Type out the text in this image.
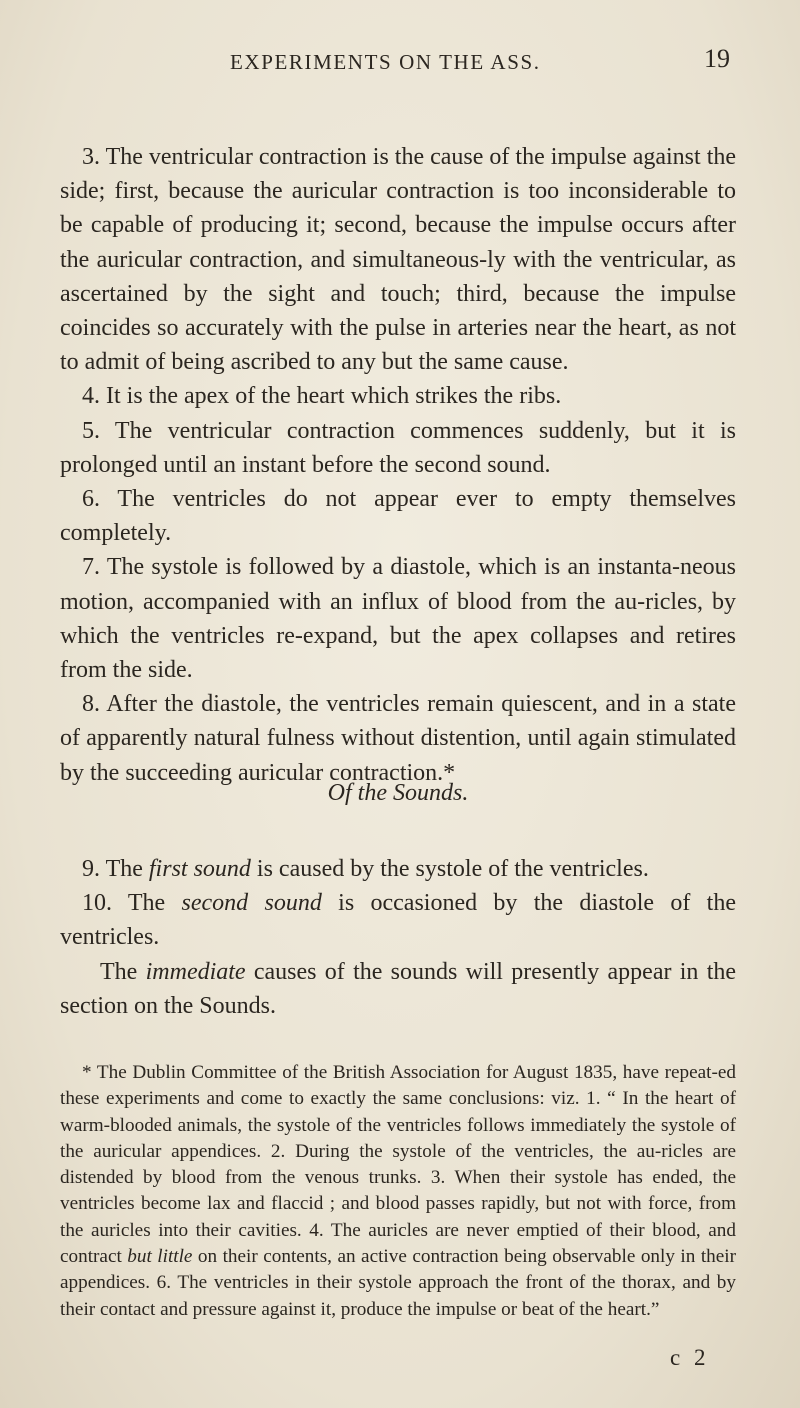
EXPERIMENTS ON THE ASS.	19

3. The ventricular contraction is the cause of the impulse against the side; first, because the auricular contraction is too inconsiderable to be capable of producing it; second, because the impulse occurs after the auricular contraction, and simultaneous-ly with the ventricular, as ascertained by the sight and touch; third, because the impulse coincides so accurately with the pulse in arteries near the heart, as not to admit of being ascribed to any but the same cause.

4. It is the apex of the heart which strikes the ribs.

5. The ventricular contraction commences suddenly, but it is prolonged until an instant before the second sound.

6. The ventricles do not appear ever to empty themselves completely.

7. The systole is followed by a diastole, which is an instanta-neous motion, accompanied with an influx of blood from the au-ricles, by which the ventricles re-expand, but the apex collapses and retires from the side.

8. After the diastole, the ventricles remain quiescent, and in a state of apparently natural fulness without distention, until again stimulated by the succeeding auricular contraction.*

Of the Sounds.

9. The first sound is caused by the systole of the ventricles.

10. The second sound is occasioned by the diastole of the ventricles.

The immediate causes of the sounds will presently appear in the section on the Sounds.

* The Dublin Committee of the British Association for August 1835, have repeat-ed these experiments and come to exactly the same conclusions: viz. 1. “ In the heart of warm-blooded animals, the systole of the ventricles follows immediately the systole of the auricular appendices. 2. During the systole of the ventricles, the au-ricles are distended by blood from the venous trunks. 3. When their systole has ended, the ventricles become lax and flaccid ; and blood passes rapidly, but not with force, from the auricles into their cavities. 4. The auricles are never emptied of their blood, and contract but little on their contents, an active contraction being observable only in their appendices. 6. The ventricles in their systole approach the front of the thorax, and by their contact and pressure against it, produce the impulse or beat of the heart.”

c 2
